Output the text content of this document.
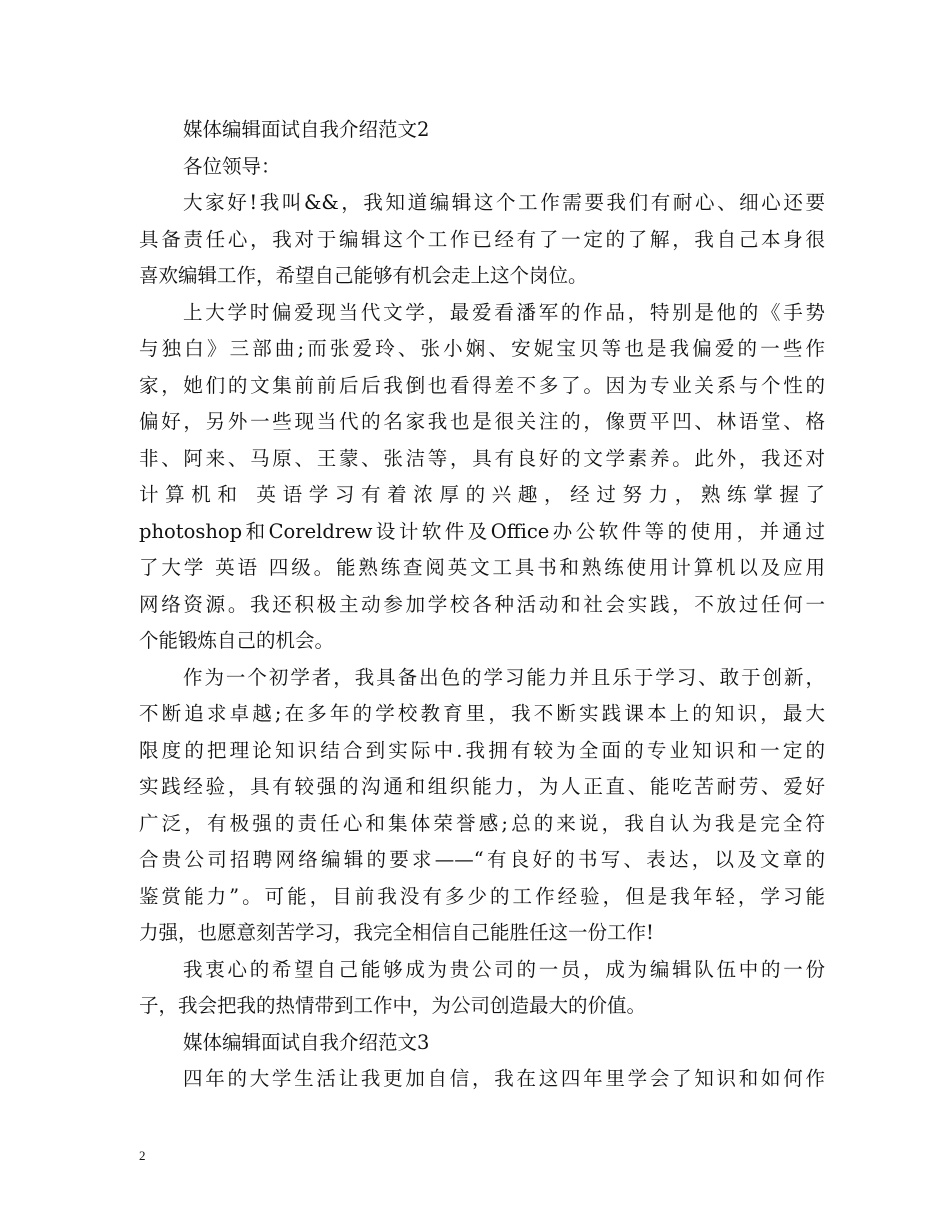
媒体编辑面试自我介绍范文2
各位领导：
大家好!我叫&&，我知道编辑这个工作需要我们有耐心、细心还要
具备责任心，我对于编辑这个工作已经有了一定的了解，我自己本身很
喜欢编辑工作，希望自己能够有机会走上这个岗位。
上大学时偏爱现当代文学，最爱看潘军的作品，特别是他的《手势
与独白》三部曲;而张爱玲、张小娴、安妮宝贝等也是我偏爱的一些作
家，她们的文集前前后后我倒也看得差不多了。因为专业关系与个性的
偏好，另外一些现当代的名家我也是很关注的，像贾平凹、林语堂、格
非、阿来、马原、王蒙、张洁等，具有良好的文学素养。此外，我还对
计算机和 英语学习有着浓厚的兴趣，经过努力，熟练掌握了
photoshop和Coreldrew设计软件及Office办公软件等的使用，并通过
了大学 英语 四级。能熟练查阅英文工具书和熟练使用计算机以及应用
网络资源。我还积极主动参加学校各种活动和社会实践，不放过任何一
个能锻炼自己的机会。
作为一个初学者，我具备出色的学习能力并且乐于学习、敢于创新，
不断追求卓越;在多年的学校教育里，我不断实践课本上的知识，最大
限度的把理论知识结合到实际中.我拥有较为全面的专业知识和一定的
实践经验，具有较强的沟通和组织能力，为人正直、能吃苦耐劳、爱好
广泛，有极强的责任心和集体荣誉感;总的来说，我自认为我是完全符
合贵公司招聘网络编辑的要求——“有良好的书写、表达，以及文章的
鉴赏能力”。可能，目前我没有多少的工作经验，但是我年轻，学习能
力强，也愿意刻苦学习，我完全相信自己能胜任这一份工作!
我衷心的希望自己能够成为贵公司的一员，成为编辑队伍中的一份
子，我会把我的热情带到工作中，为公司创造最大的价值。
媒体编辑面试自我介绍范文3
四年的大学生活让我更加自信，我在这四年里学会了知识和如何作
2
